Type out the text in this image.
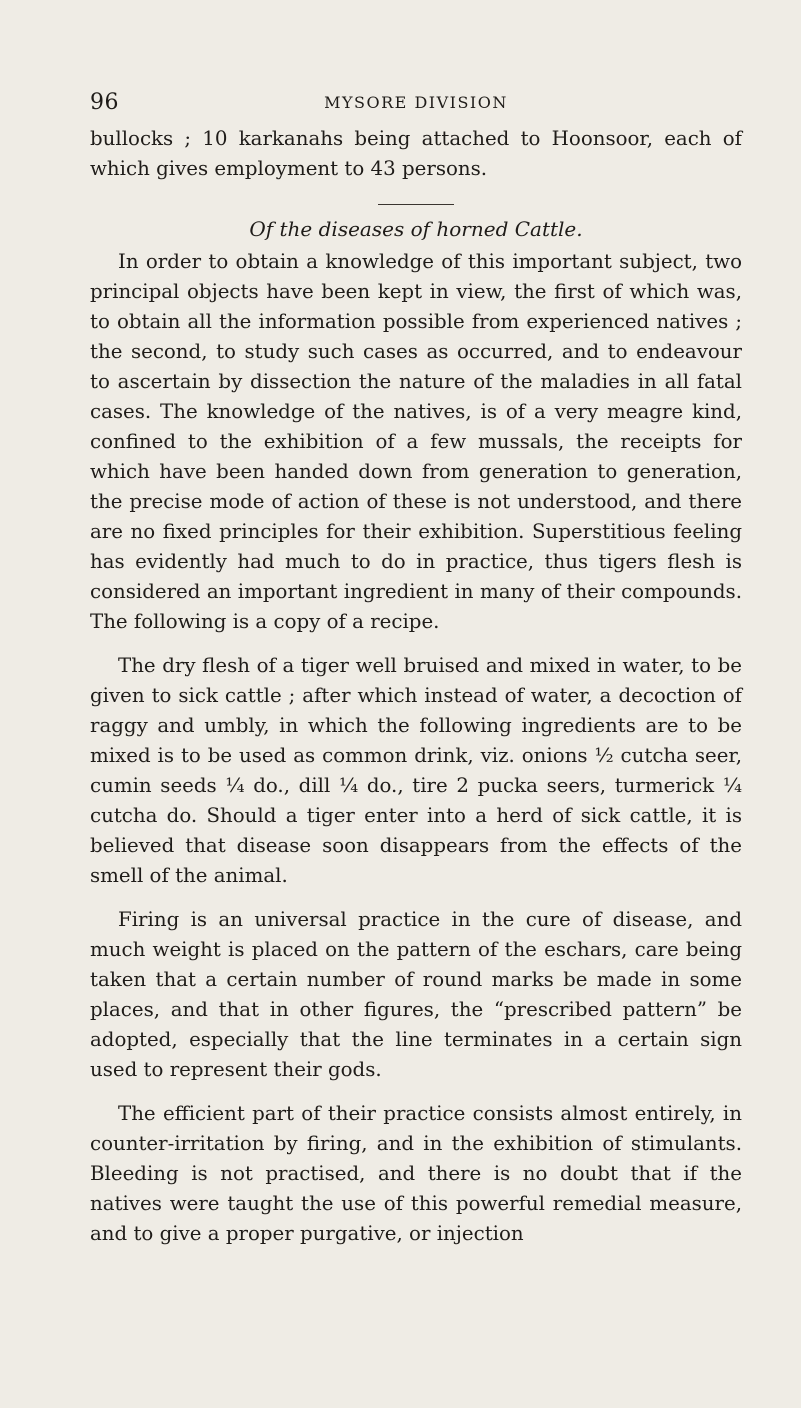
96	MYSORE DIVISION

bullocks ; 10 karkanahs being attached to Hoonsoor, each of which gives employment to 43 persons.

Of the diseases of horned Cattle.

In order to obtain a knowledge of this important subject, two principal objects have been kept in view, the first of which was, to obtain all the information possible from experienced natives ; the second, to study such cases as occurred, and to endeavour to ascertain by dissection the nature of the maladies in all fatal cases. The knowledge of the natives, is of a very meagre kind, confined to the exhibition of a few mussals, the receipts for which have been handed down from generation to generation, the precise mode of action of these is not understood, and there are no fixed principles for their exhibition. Superstitious feeling has evidently had much to do in practice, thus tigers flesh is considered an important ingredient in many of their compounds. The following is a copy of a recipe.

The dry flesh of a tiger well bruised and mixed in water, to be given to sick cattle ; after which instead of water, a decoction of raggy and umbly, in which the following ingredients are to be mixed is to be used as common drink, viz. onions ½ cutcha seer, cumin seeds ¼ do., dill ¼ do., tire 2 pucka seers, turmerick ¼ cutcha do. Should a tiger enter into a herd of sick cattle, it is believed that disease soon disappears from the effects of the smell of the animal.

Firing is an universal practice in the cure of disease, and much weight is placed on the pattern of the eschars, care being taken that a certain number of round marks be made in some places, and that in other figures, the “prescribed pattern” be adopted, especially that the line terminates in a certain sign used to represent their gods.

The efficient part of their practice consists almost entirely, in counter-irritation by firing, and in the exhibition of stimulants. Bleeding is not practised, and there is no doubt that if the natives were taught the use of this powerful remedial measure, and to give a proper purgative, or injection
